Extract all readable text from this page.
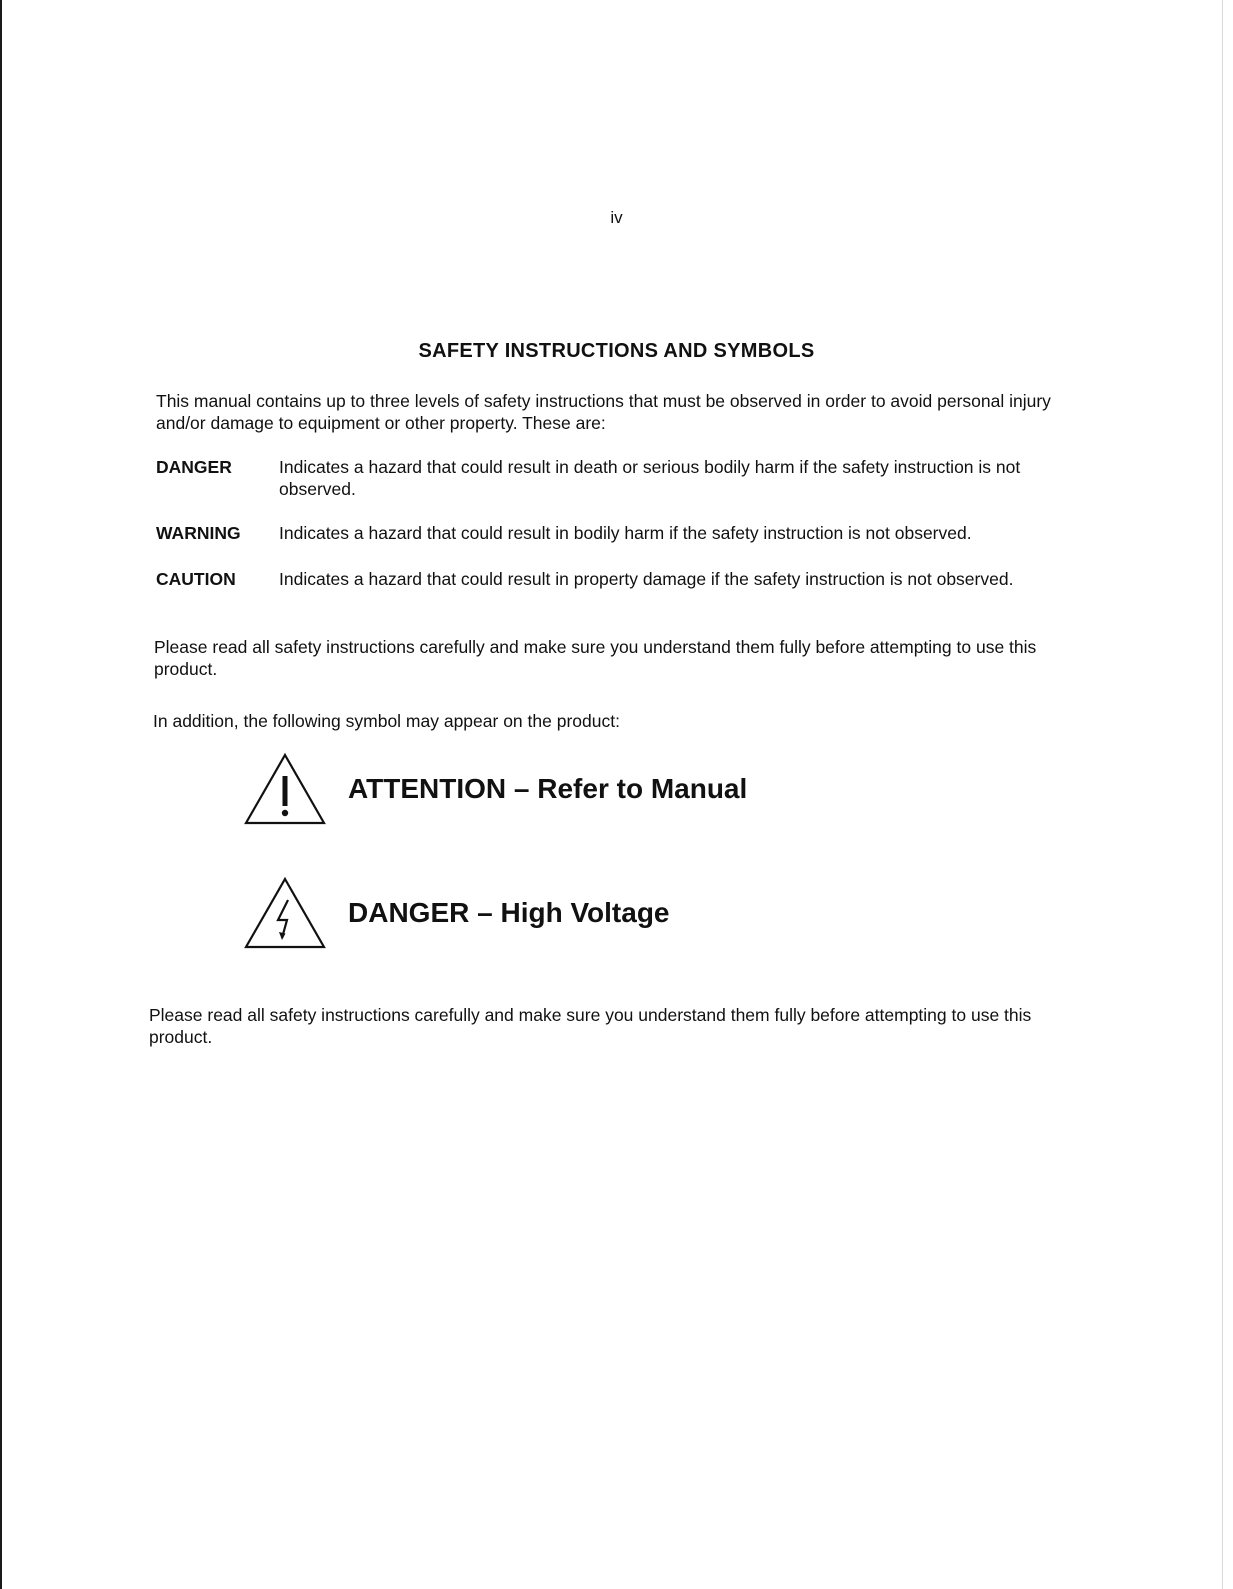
iv
SAFETY INSTRUCTIONS AND SYMBOLS
This manual contains up to three levels of safety instructions that must be observed in order to avoid personal injury and/or damage to equipment or other property. These are:
DANGER	Indicates a hazard that could result in death or serious bodily harm if the safety instruction is not observed.
WARNING	Indicates a hazard that could result in bodily harm if the safety instruction is not observed.
CAUTION	Indicates a hazard that could result in property damage if the safety instruction is not observed.
Please read all safety instructions carefully and make sure you understand them fully before attempting to use this product.
In addition, the following symbol may appear on the product:
ATTENTION – Refer to Manual
DANGER – High Voltage
Please read all safety instructions carefully and make sure you understand them fully before attempting to use this product.
